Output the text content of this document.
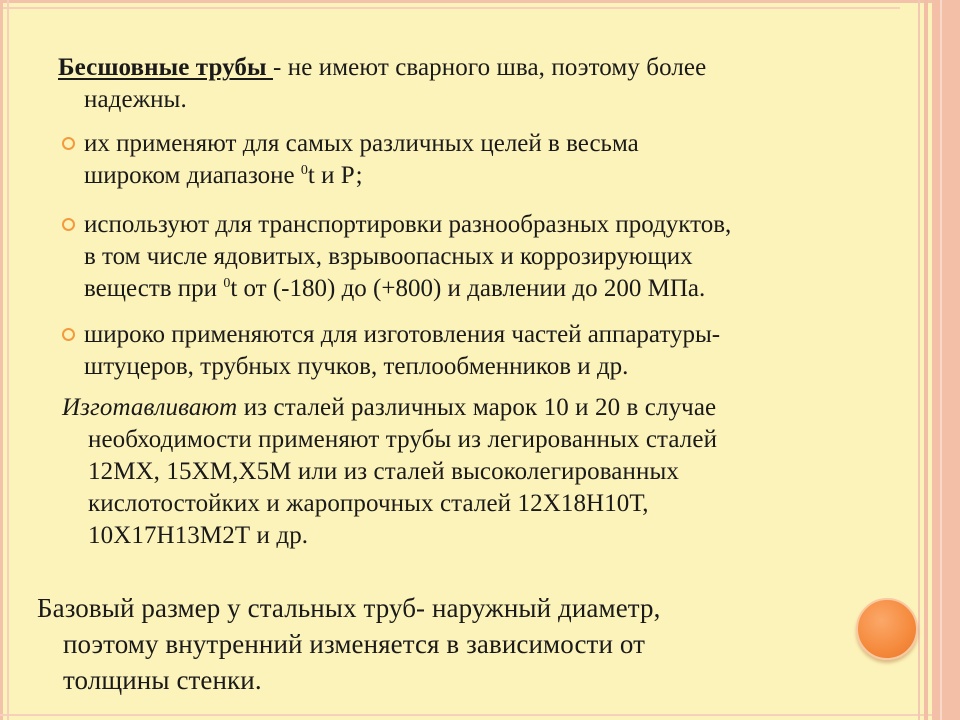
Бесшовные трубы - не имеют сварного шва, поэтому более
надежны.
их применяют для самых различных целей в весьма
широком диапазоне $^0$t и Р;
используют для транспортировки разнообразных продуктов,
в том числе ядовитых, взрывоопасных и коррозирующих
веществ при $^0$t от (-180) до (+800) и давлении до 200 МПа.
широко применяются для изготовления частей аппаратуры-
штуцеров, трубных пучков, теплообменников и др.
Изготавливают из сталей различных марок 10 и 20 в случае
необходимости применяют трубы из легированных сталей
12МХ, 15ХМ,Х5М или из сталей высоколегированных
кислотостойких и жаропрочных сталей 12Х18Н10Т,
10Х17Н13М2Т и др.
Базовый размер у стальных труб- наружный диаметр,
поэтому внутренний изменяется в зависимости от
толщины стенки.
